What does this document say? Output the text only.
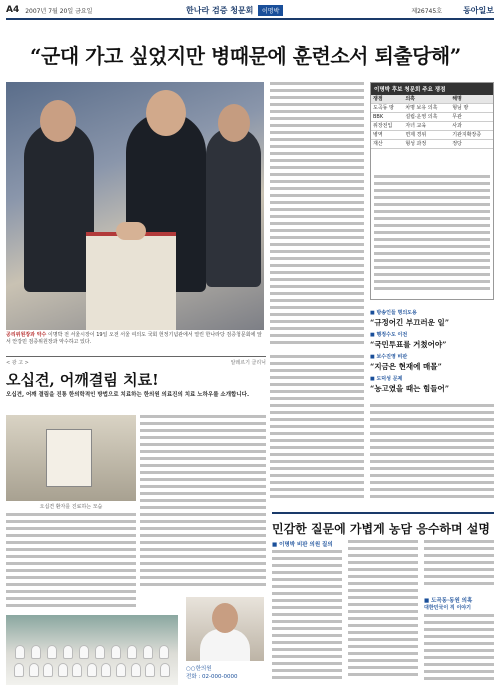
A4 2007년 7월 20일 금요일	한나라 검증 청문회	이명박	제26745호	동아일보
“군대 가고 싶었지만 병때문에 훈련소서 퇴출당해”
공리위원장과 악수 이명박 전 서울시장이 19일 오전 서울 여의도 국회 헌정기념관에서 열린 한나라당 검증청문회에 앞서 안강민 검증위원장과 악수하고 있다.
이명박 후보 청문회 주요 쟁점
쟁점	의혹	해명
도곡동 땅	차명 보유 의혹	형님 땅
BBK	설립·운영 의혹	무관
위장전입	자녀 교육	사과
병역	면제 경위	기관지확장증
재산	형성 과정	정당
■ 방송인들 명의도용
“규정어긴 부끄러운 일”
■ 행정수도 이전
“국민투표를 거쳤어야”
■ 보수진영 비판
“지금은 현재에 매몰”
■ 도덕성 문제
“농고였을 때는 힘들어”
< 광 고 >	알레르기 클리닉
오십견, 어깨결림 치료!
오십견, 어깨 결림을 진통 한의학적인 방법으로 치료하는 한의원 의료진의 치료 노하우를 소개합니다.
오십견 환자를 진료하는 모습
○○한의원
전화 : 02-000-0000
민감한 질문에 가볍게 농담 응수하며 설명
■ 이명박 비판 의원 질의
■ 도곡동·동원 의혹
대한민국이 직 이야기
